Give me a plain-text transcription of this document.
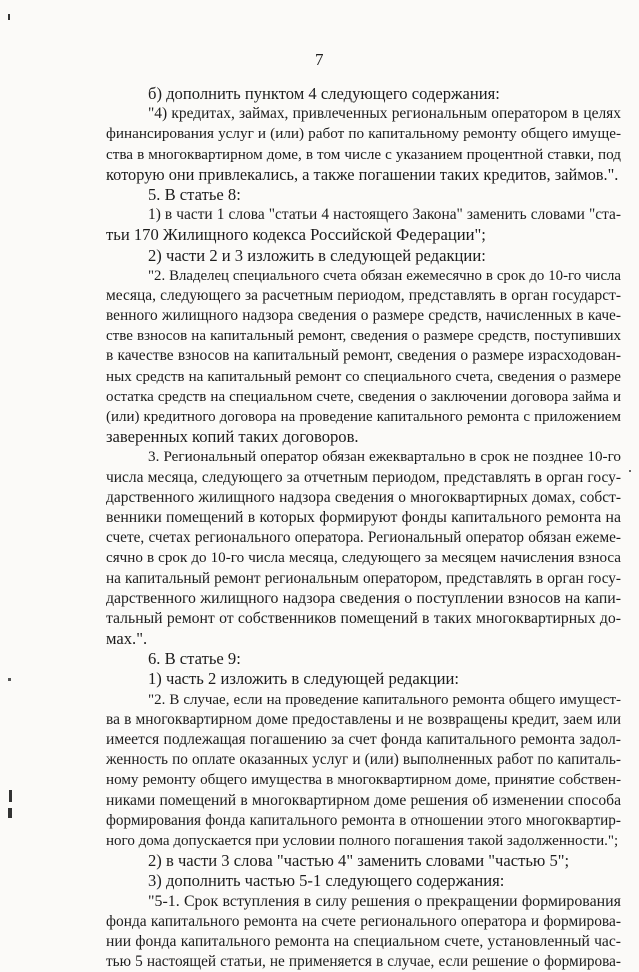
7
б) дополнить пунктом 4 следующего содержания:
"4) кредитах, займах, привлеченных региональным оператором в целях
финансирования услуг и (или) работ по капитальному ремонту общего имуще-
ства в многоквартирном доме, в том числе с указанием процентной ставки, под
которую они привлекались, а также погашении таких кредитов, займов.".
5. В статье 8:
1) в части 1 слова "статьи 4 настоящего Закона" заменить словами "ста-
тьи 170 Жилищного кодекса Российской Федерации";
2) части 2 и 3 изложить в следующей редакции:
"2. Владелец специального счета обязан ежемесячно в срок до 10-го числа
месяца, следующего за расчетным периодом, представлять в орган государст-
венного жилищного надзора сведения о размере средств, начисленных в каче-
стве взносов на капитальный ремонт, сведения о размере средств, поступивших
в качестве взносов на капитальный ремонт, сведения о размере израсходован-
ных средств на капитальный ремонт со специального счета, сведения о размере
остатка средств на специальном счете, сведения о заключении договора займа и
(или) кредитного договора на проведение капитального ремонта с приложением
заверенных копий таких договоров.
3. Региональный оператор обязан ежеквартально в срок не позднее 10-го
числа месяца, следующего за отчетным периодом, представлять в орган госу-
дарственного жилищного надзора сведения о многоквартирных домах, собст-
венники помещений в которых формируют фонды капитального ремонта на
счете, счетах регионального оператора. Региональный оператор обязан ежеме-
сячно в срок до 10-го числа месяца, следующего за месяцем начисления взноса
на капитальный ремонт региональным оператором, представлять в орган госу-
дарственного жилищного надзора сведения о поступлении взносов на капи-
тальный ремонт от собственников помещений в таких многоквартирных до-
мах.".
6. В статье 9:
1) часть 2 изложить в следующей редакции:
"2. В случае, если на проведение капитального ремонта общего имущест-
ва в многоквартирном доме предоставлены и не возвращены кредит, заем или
имеется подлежащая погашению за счет фонда капитального ремонта задол-
женность по оплате оказанных услуг и (или) выполненных работ по капиталь-
ному ремонту общего имущества в многоквартирном доме, принятие собствен-
никами помещений в многоквартирном доме решения об изменении способа
формирования фонда капитального ремонта в отношении этого многоквартир-
ного дома допускается при условии полного погашения такой задолженности.";
2) в части 3 слова "частью 4" заменить словами "частью 5";
3) дополнить частью 5-1 следующего содержания:
"5-1. Срок вступления в силу решения о прекращении формирования
фонда капитального ремонта на счете регионального оператора и формирова-
нии фонда капитального ремонта на специальном счете, установленный час-
тью 5 настоящей статьи, не применяется в случае, если решение о формирова-
